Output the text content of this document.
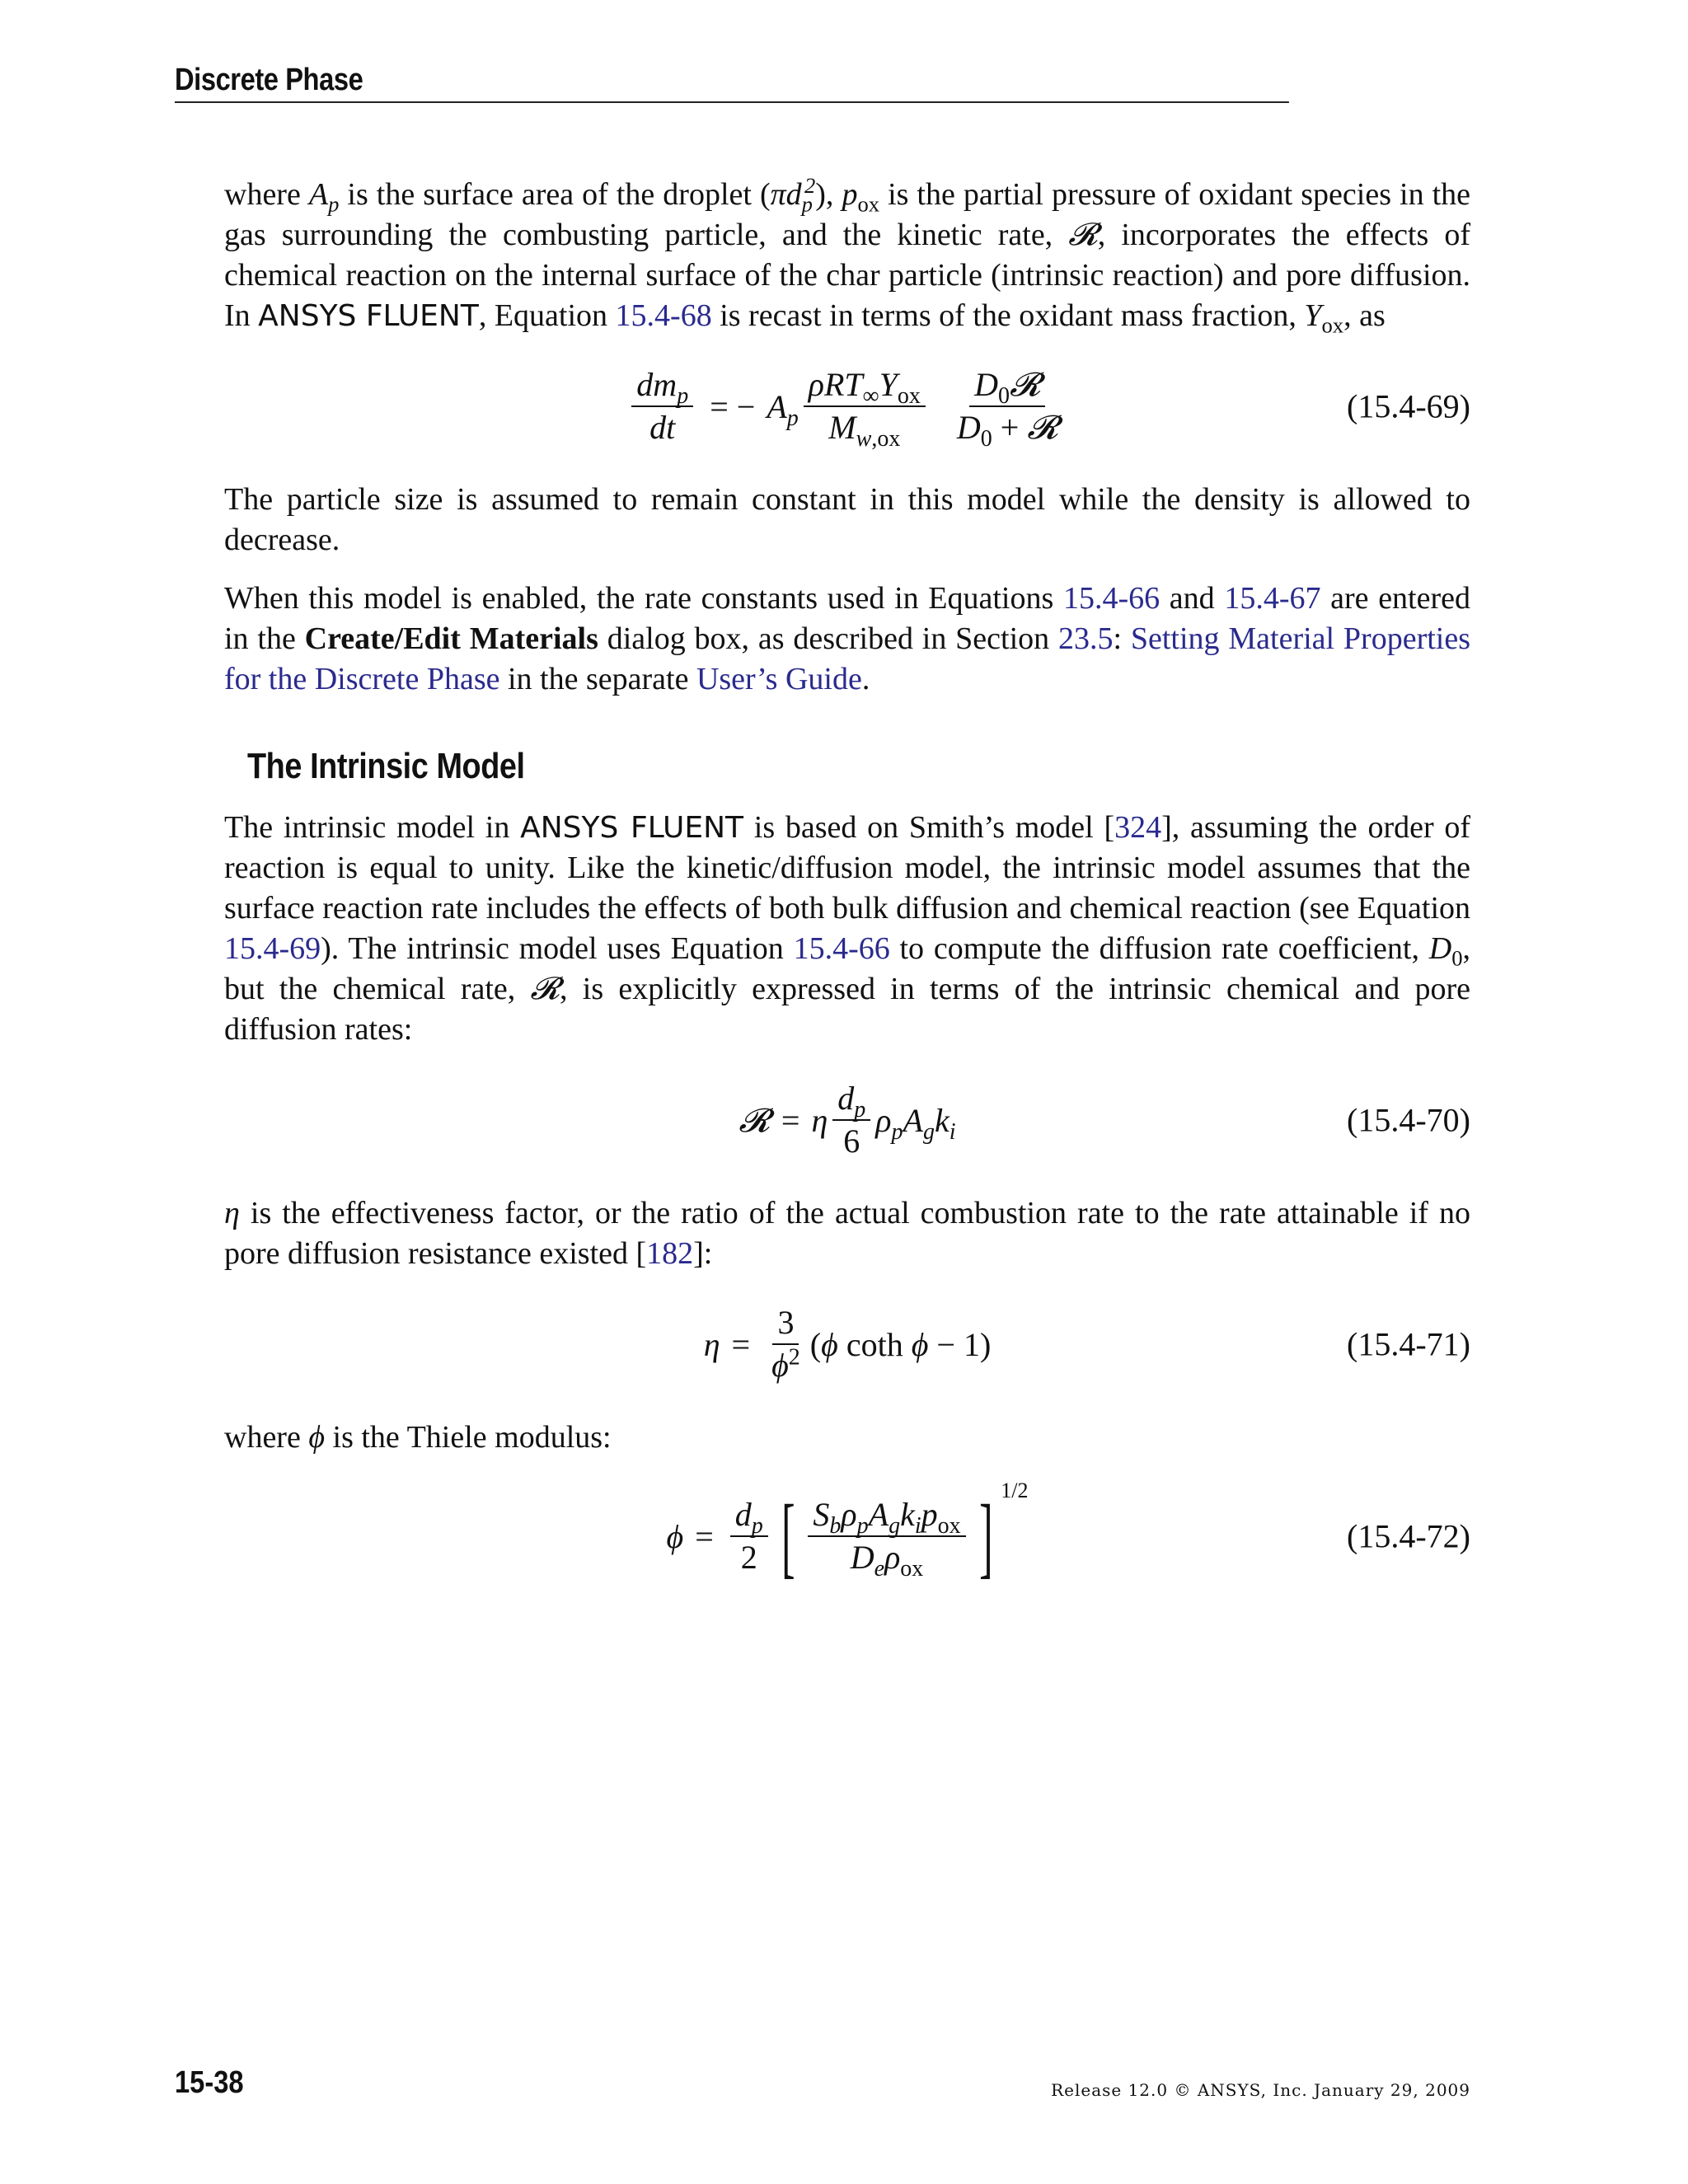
Discrete Phase

where $A_p$ is the surface area of the droplet $(\pi d_p^2)$, $p_{ox}$ is the partial pressure of oxidant species in the gas surrounding the combusting particle, and the kinetic rate, 𝓡, incorporates the effects of chemical reaction on the internal surface of the char particle (intrinsic reaction) and pore diffusion. In ANSYS FLUENT, Equation 15.4-68 is recast in terms of the oxidant mass fraction, $Y_{ox}$, as

$\frac{dm_p}{dt}$ = − $A_p \frac{\rho RT_\infty Y_{ox}}{M_{w,ox}} \frac{D_0𝓡}{D_0 + 𝓡}$	(15.4-69)

The particle size is assumed to remain constant in this model while the density is allowed to decrease.

When this model is enabled, the rate constants used in Equations 15.4-66 and 15.4-67 are entered in the Create/Edit Materials dialog box, as described in Section 23.5: Setting Material Properties for the Discrete Phase in the separate User’s Guide.

The Intrinsic Model

The intrinsic model in ANSYS FLUENT is based on Smith’s model [324], assuming the order of reaction is equal to unity. Like the kinetic/diffusion model, the intrinsic model assumes that the surface reaction rate includes the effects of both bulk diffusion and chemical reaction (see Equation 15.4-69). The intrinsic model uses Equation 15.4-66 to compute the diffusion rate coefficient, $D_0$, but the chemical rate, 𝓡, is explicitly expressed in terms of the intrinsic chemical and pore diffusion rates:

𝓡 = η $\frac{d_p}{6} \rho_pA_gk_i$	(15.4-70)

η is the effectiveness factor, or the ratio of the actual combustion rate to the rate attainable if no pore diffusion resistance existed [182]:

$\eta = \frac{3}{\phi^2} (\phi$ coth ϕ − 1)	(15.4-71)

where ϕ is the Thiele modulus:

$\phi = \frac{d_p}{2}$ [ $\frac{S_b\rho_pA_gk_ip_{ox}}{D_e\rho_{ox}}$ ] 1/2
(15.4-72)
15-38	Release 12.0 © ANSYS, Inc. January 29, 2009
